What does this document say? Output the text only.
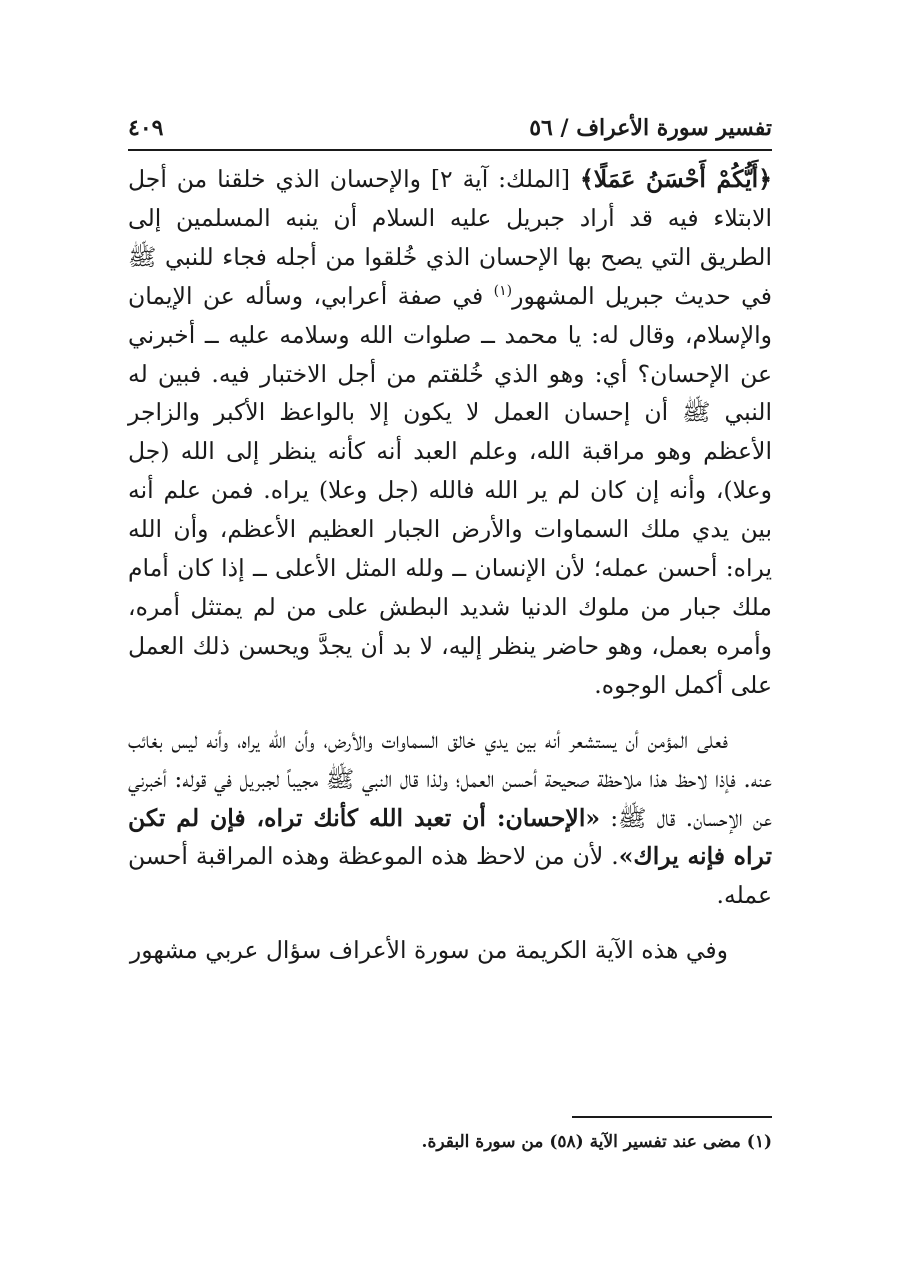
تفسير سورة الأعراف / ٥٦
٤٠٩

﴿أَيُّكُمْ أَحْسَنُ عَمَلًا﴾ [الملك: آية ٢] والإحسان الذي خلقنا من أجل الابتلاء فيه قد أراد جبريل عليه السلام أن ينبه المسلمين إلى الطريق التي يصح بها الإحسان الذي خُلقوا من أجله فجاء للنبي ﷺ في حديث جبريل المشهور$^{(١)}$ في صفة أعرابي، وسأله عن الإيمان والإسلام، وقال له: يا محمد ــ صلوات الله وسلامه عليه ــ أخبرني عن الإحسان؟ أي: وهو الذي خُلقتم من أجل الاختبار فيه. فبين له النبي ﷺ أن إحسان العمل لا يكون إلا بالواعظ الأكبر والزاجر الأعظم وهو مراقبة الله، وعلم العبد أنه كأنه ينظر إلى الله (جل وعلا)، وأنه إن كان لم ير الله فالله (جل وعلا) يراه. فمن علم أنه بين يدي ملك السماوات والأرض الجبار العظيم الأعظم، وأن الله يراه: أحسن عمله؛ لأن الإنسان ــ ولله المثل الأعلى ــ إذا كان أمام ملك جبار من ملوك الدنيا شديد البطش على من لم يمتثل أمره، وأمره بعمل، وهو حاضر ينظر إليه، لا بد أن يجدَّ ويحسن ذلك العمل على أكمل الوجوه.

فعلى المؤمن أن يستشعر أنه بين يدي خالق السماوات والأرض، وأن الله يراه، وأنه ليس بغائب عنه. فإذا لاحظ هذا ملاحظة صحيحة أحسن العمل؛ ولذا قال النبي ﷺ مجيباً لجبريل في قوله: أخبرني عن الإحسان. قال ﷺ: «الإحسان: أن تعبد الله كأنك تراه، فإن لم تكن تراه فإنه يراك». لأن من لاحظ هذه الموعظة وهذه المراقبة أحسن عمله.

وفي هذه الآية الكريمة من سورة الأعراف سؤال عربي مشهور

(١) مضى عند تفسير الآية (٥٨) من سورة البقرة.
